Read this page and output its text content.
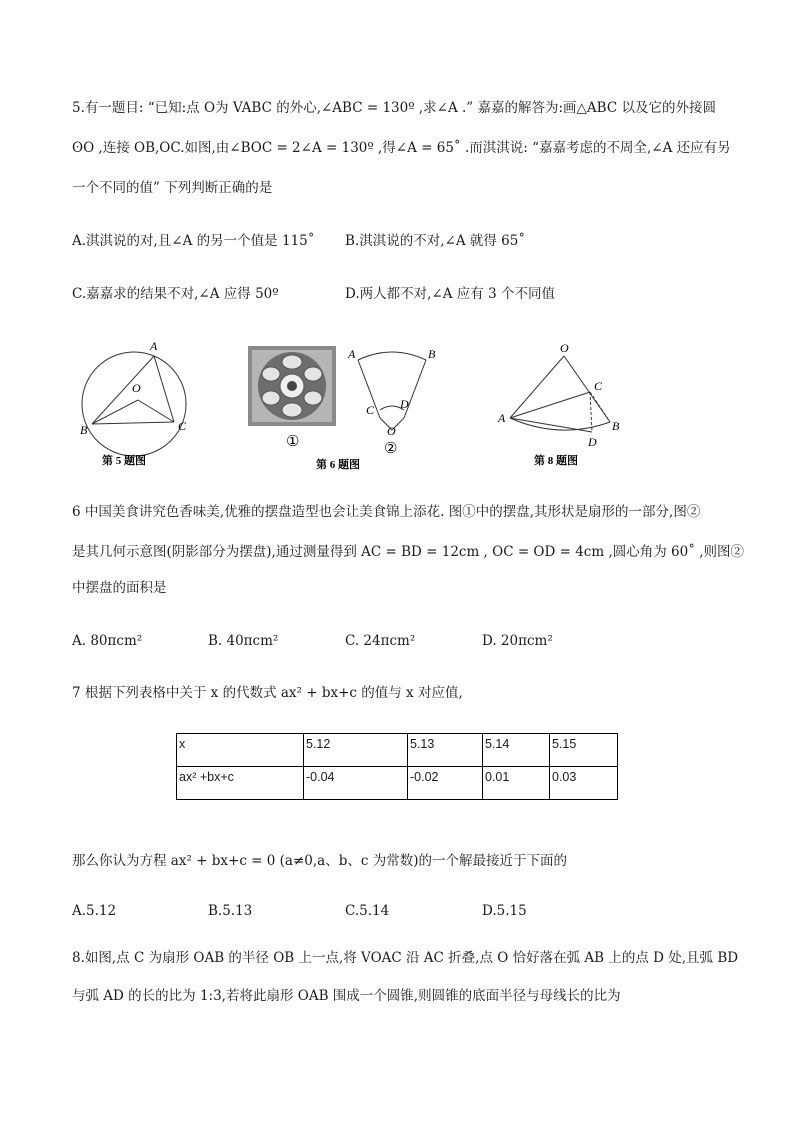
5.有一题目: “已知:点 O为 VABC 的外心,∠ABC = 130º ,求∠A .” 嘉嘉的解答为:画△ABC 以及它的外接圆
ʘO ,连接 OB,OC.如图,由∠BOC = 2∠A = 130º ,得∠A = 65˚ .而淇淇说: “嘉嘉考虑的不周全,∠A 还应有另
一个不同的值” 下列判断正确的是
A.淇淇说的对,且∠A 的另一个值是 115˚ B.淇淇说的不对,∠A 就得 65˚
C.嘉嘉求的结果不对,∠A 应得 50º	D.两人都不对,∠A 应有 3 个不同值
A
O
B	C
第 5 题图
①
A	B
C D
O
②
第 6 题图
O
C
A
B
D
第 8 题图
6 中国美食讲究色香味美,优雅的摆盘造型也会让美食锦上添花. 图①中的摆盘,其形状是扇形的一部分,图②
是其几何示意图(阴影部分为摆盘),通过测量得到 AC = BD = 12cm , OC = OD = 4cm ,圆心角为 60˚ ,则图②
中摆盘的面积是
A. 80πcm²	B. 40πcm²	C. 24πcm²	D. 20πcm²
7 根据下列表格中关于 x 的代数式 ax² + bx+c 的值与 x 对应值,
x	5.12	5.13	5.14	5.15
ax² +bx+c	-0.04	-0.02	0.01	0.03
那么你认为方程 ax² + bx+c = 0 (a≠0,a、b、c 为常数)的一个解最接近于下面的
A.5.12	B.5.13	C.5.14	D.5.15
8.如图,点 C 为扇形 OAB 的半径 OB 上一点,将 VOAC 沿 AC 折叠,点 O 恰好落在弧 AB 上的点 D 处,且弧 BD
与弧 AD 的长的比为 1:3,若将此扇形 OAB 围成一个圆锥,则圆锥的底面半径与母线长的比为
